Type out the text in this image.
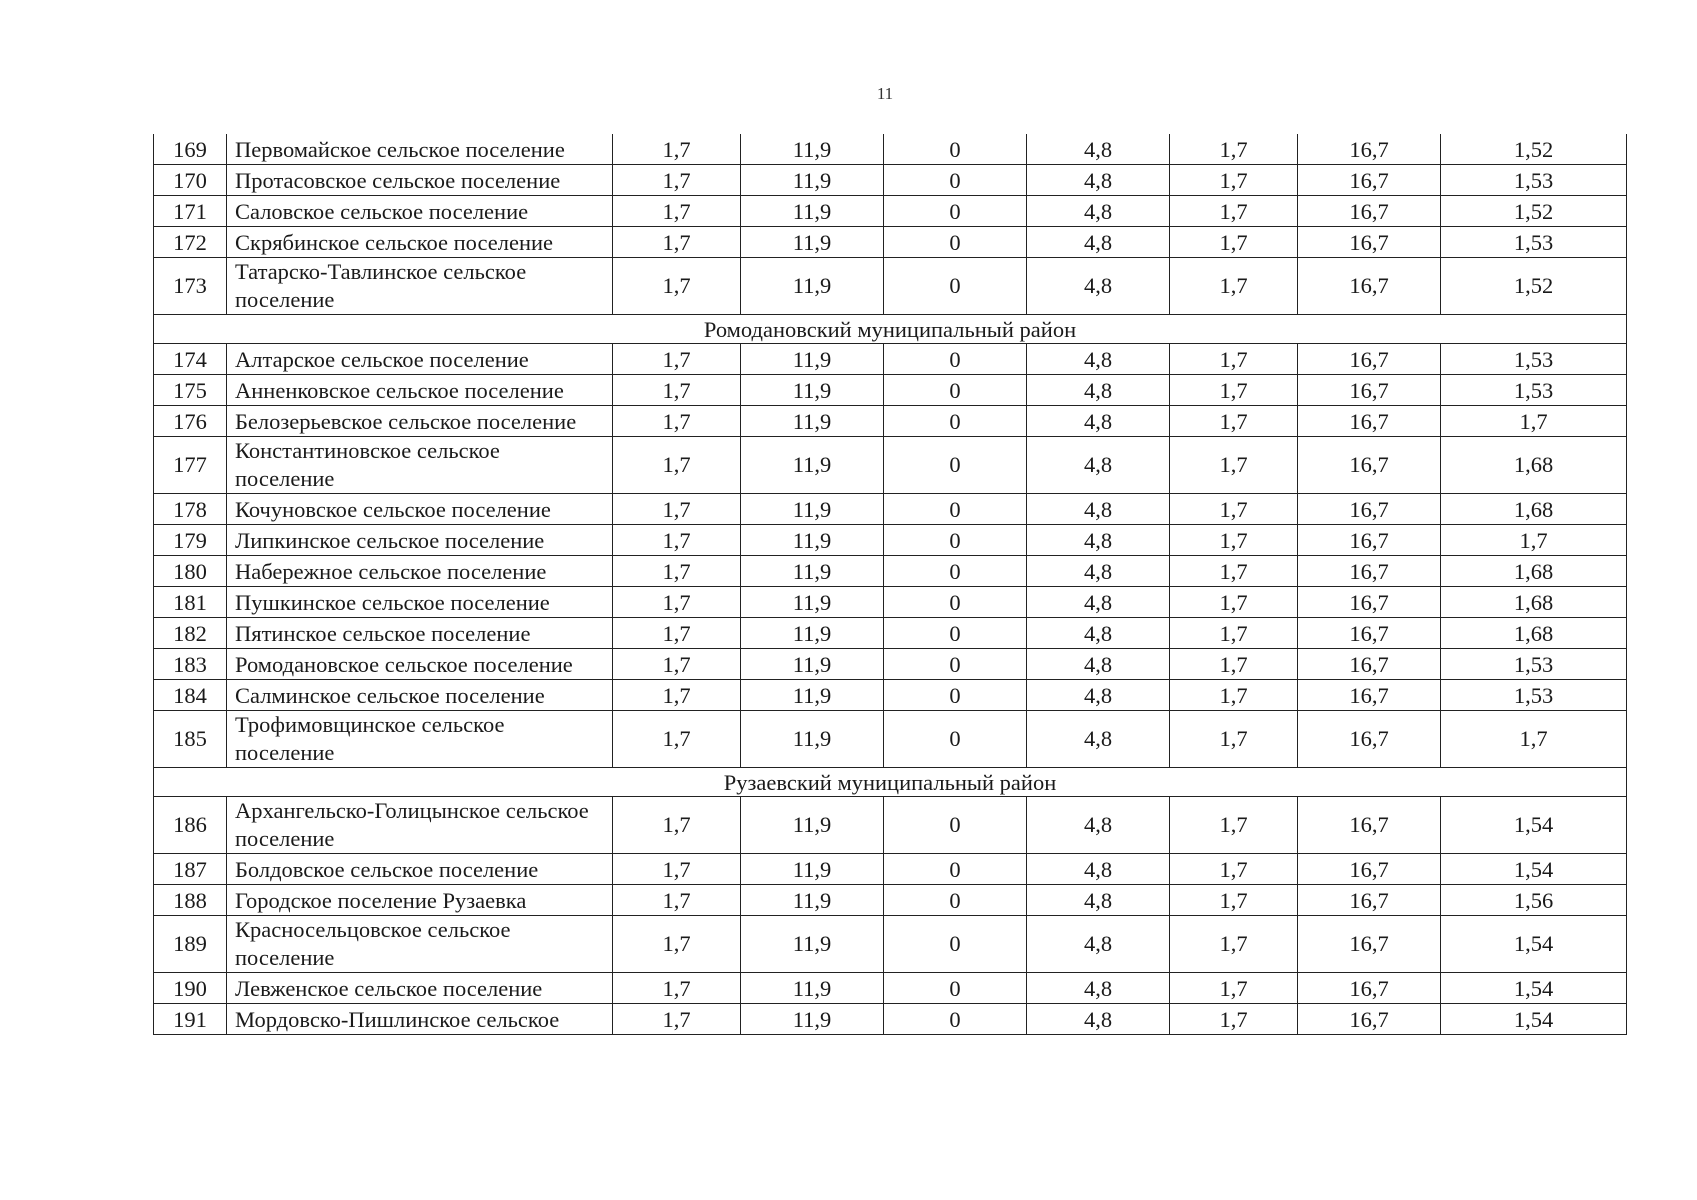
11
169	Первомайское сельское поселение	1,7	11,9	0	4,8	1,7	16,7	1,52
170	Протасовское сельское поселение	1,7	11,9	0	4,8	1,7	16,7	1,53
171	Саловское сельское поселение	1,7	11,9	0	4,8	1,7	16,7	1,52
172	Скрябинское сельское поселение	1,7	11,9	0	4,8	1,7	16,7	1,53
173	Татарско-Тавлинское сельское поселение	1,7	11,9	0	4,8	1,7	16,7	1,52
Ромодановский муниципальный район								
174	Алтарское сельское поселение	1,7	11,9	0	4,8	1,7	16,7	1,53
175	Анненковское сельское поселение	1,7	11,9	0	4,8	1,7	16,7	1,53
176	Белозерьевское сельское поселение	1,7	11,9	0	4,8	1,7	16,7	1,7
177	Константиновское сельское поселение	1,7	11,9	0	4,8	1,7	16,7	1,68
178	Кочуновское сельское поселение	1,7	11,9	0	4,8	1,7	16,7	1,68
179	Липкинское сельское поселение	1,7	11,9	0	4,8	1,7	16,7	1,7
180	Набережное сельское поселение	1,7	11,9	0	4,8	1,7	16,7	1,68
181	Пушкинское сельское поселение	1,7	11,9	0	4,8	1,7	16,7	1,68
182	Пятинское сельское поселение	1,7	11,9	0	4,8	1,7	16,7	1,68
183	Ромодановское сельское поселение	1,7	11,9	0	4,8	1,7	16,7	1,53
184	Салминское сельское поселение	1,7	11,9	0	4,8	1,7	16,7	1,53
185	Трофимовщинское сельское поселение	1,7	11,9	0	4,8	1,7	16,7	1,7
Рузаевский муниципальный район								
186	Архангельско-Голицынское сельское поселение	1,7	11,9	0	4,8	1,7	16,7	1,54
187	Болдовское сельское поселение	1,7	11,9	0	4,8	1,7	16,7	1,54
188	Городское поселение Рузаевка	1,7	11,9	0	4,8	1,7	16,7	1,56
189	Красносельцовское сельское поселение	1,7	11,9	0	4,8	1,7	16,7	1,54
190	Левженское сельское поселение	1,7	11,9	0	4,8	1,7	16,7	1,54
191	Мордовско-Пишлинское сельское	1,7	11,9	0	4,8	1,7	16,7	1,54
